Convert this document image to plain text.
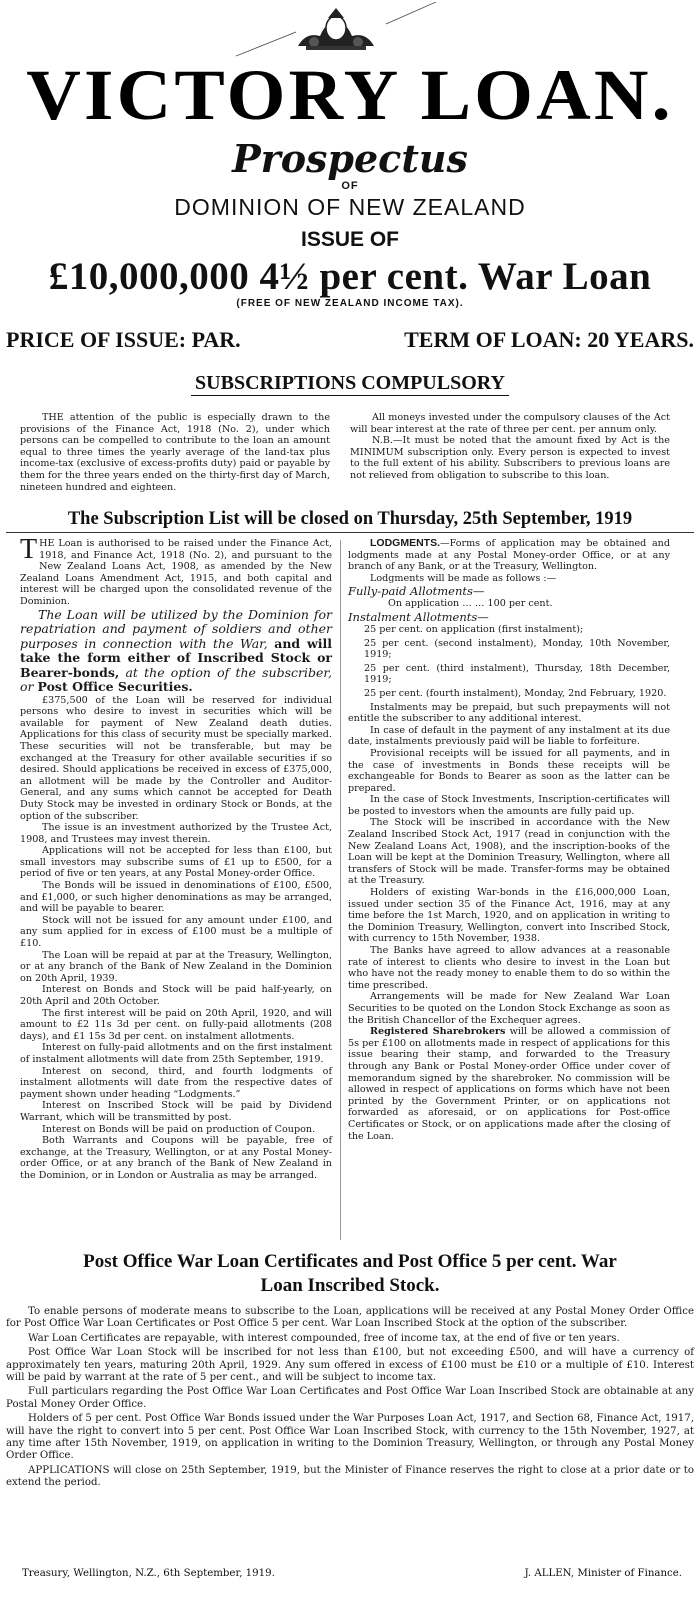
VICTORY LOAN.
Prospectus
OF
DOMINION OF NEW ZEALAND
ISSUE OF
£10,000,000 4½ per cent. War Loan
(FREE OF NEW ZEALAND INCOME TAX).
PRICE OF ISSUE: PAR.	TERM OF LOAN: 20 YEARS.
SUBSCRIPTIONS COMPULSORY

THE attention of the public is especially drawn to the provisions of the Finance Act, 1918 (No. 2), under which persons can be compelled to contribute to the loan an amount equal to three times the yearly average of the land-tax plus income-tax (exclusive of excess-profits duty) paid or payable by them for the three years ended on the thirty-first day of March, nineteen hundred and eighteen.

All moneys invested under the compulsory clauses of the Act will bear interest at the rate of three per cent. per annum only.

N.B.—It must be noted that the amount fixed by Act is the MINIMUM subscription only. Every person is expected to invest to the full extent of his ability. Subscribers to previous loans are not relieved from obligation to subscribe to this loan.

The Subscription List will be closed on Thursday, 25th September, 1919

THE Loan is authorised to be raised under the Finance Act, 1918, and Finance Act, 1918 (No. 2), and pursuant to the New Zealand Loans Act, 1908, as amended by the New Zealand Loans Amendment Act, 1915, and both capital and interest will be charged upon the consolidated revenue of the Dominion.

The Loan will be utilized by the Dominion for repatriation and payment of soldiers and other purposes in connection with the War, and will take the form either of Inscribed Stock or Bearer-bonds, at the option of the subscriber, or Post Office Securities.

£375,500 of the Loan will be reserved for individual persons who desire to invest in securities which will be available for payment of New Zealand death duties. Applications for this class of security must be specially marked. These securities will not be transferable, but may be exchanged at the Treasury for other available securities if so desired. Should applications be received in excess of £375,000, an allotment will be made by the Controller and Auditor-General, and any sums which cannot be accepted for Death Duty Stock may be invested in ordinary Stock or Bonds, at the option of the subscriber.

The issue is an investment authorized by the Trustee Act, 1908, and Trustees may invest therein.

Applications will not be accepted for less than £100, but small investors may subscribe sums of £1 up to £500, for a period of five or ten years, at any Postal Money-order Office.

The Bonds will be issued in denominations of £100, £500, and £1,000, or such higher denominations as may be arranged, and will be payable to bearer.

Stock will not be issued for any amount under £100, and any sum applied for in excess of £100 must be a multiple of £10.

The Loan will be repaid at par at the Treasury, Wellington, or at any branch of the Bank of New Zealand in the Dominion on 20th April, 1939.

Interest on Bonds and Stock will be paid half-yearly, on 20th April and 20th October.

The first interest will be paid on 20th April, 1920, and will amount to £2 11s 3d per cent. on fully-paid allotments (208 days), and £1 15s 3d per cent. on instalment allotments.

Interest on fully-paid allotments and on the first instalment of instalment allotments will date from 25th September, 1919.

Interest on second, third, and fourth lodgments of instalment allotments will date from the respective dates of payment shown under heading “Lodgments.”

Interest on Inscribed Stock will be paid by Dividend Warrant, which will be transmitted by post.

Interest on Bonds will be paid on production of Coupon.

Both Warrants and Coupons will be payable, free of exchange, at the Treasury, Wellington, or at any Postal Money-order Office, or at any branch of the Bank of New Zealand in the Dominion, or in London or Australia as may be arranged.

LODGMENTS.—Forms of application may be obtained and lodgments made at any Postal Money-order Office, or at any branch of any Bank, or at the Treasury, Wellington.

Lodgments will be made as follows :—

Fully-paid Allotments—

On application … … 100 per cent.

Instalment Allotments—

25 per cent. on application (first instalment);

25 per cent. (second instalment), Monday, 10th November, 1919;

25 per cent. (third instalment), Thursday, 18th December, 1919;

25 per cent. (fourth instalment), Monday, 2nd February, 1920.

Instalments may be prepaid, but such prepayments will not entitle the subscriber to any additional interest.

In case of default in the payment of any instalment at its due date, instalments previously paid will be liable to forfeiture.

Provisional receipts will be issued for all payments, and in the case of investments in Bonds these receipts will be exchangeable for Bonds to Bearer as soon as the latter can be prepared.

In the case of Stock Investments, Inscription-certificates will be posted to investors when the amounts are fully paid up.

The Stock will be inscribed in accordance with the New Zealand Inscribed Stock Act, 1917 (read in conjunction with the New Zealand Loans Act, 1908), and the inscription-books of the Loan will be kept at the Dominion Treasury, Wellington, where all transfers of Stock will be made. Transfer-forms may be obtained at the Treasury.

Holders of existing War-bonds in the £16,000,000 Loan, issued under section 35 of the Finance Act, 1916, may at any time before the 1st March, 1920, and on application in writing to the Dominion Treasury, Wellington, convert into Inscribed Stock, with currency to 15th November, 1938.

The Banks have agreed to allow advances at a reasonable rate of interest to clients who desire to invest in the Loan but who have not the ready money to enable them to do so within the time prescribed.

Arrangements will be made for New Zealand War Loan Securities to be quoted on the London Stock Exchange as soon as the British Chancellor of the Exchequer agrees.

Registered Sharebrokers will be allowed a commission of 5s per £100 on allotments made in respect of applications for this issue bearing their stamp, and forwarded to the Treasury through any Bank or Postal Money-order Office under cover of memorandum signed by the sharebroker. No commission will be allowed in respect of applications on forms which have not been printed by the Government Printer, or on applications not forwarded as aforesaid, or on applications for Post-office Certificates or Stock, or on applications made after the closing of the Loan.

Post Office War Loan Certificates and Post Office 5 per cent. War
Loan Inscribed Stock.

To enable persons of moderate means to subscribe to the Loan, applications will be received at any Postal Money Order Office for Post Office War Loan Certificates or Post Office 5 per cent. War Loan Inscribed Stock at the option of the subscriber.

War Loan Certificates are repayable, with interest compounded, free of income tax, at the end of five or ten years.

Post Office War Loan Stock will be inscribed for not less than £100, but not exceeding £500, and will have a currency of approximately ten years, maturing 20th April, 1929. Any sum offered in excess of £100 must be £10 or a multiple of £10. Interest will be paid by warrant at the rate of 5 per cent., and will be subject to income tax.

Full particulars regarding the Post Office War Loan Certificates and Post Office War Loan Inscribed Stock are obtainable at any Postal Money Order Office.

Holders of 5 per cent. Post Office War Bonds issued under the War Purposes Loan Act, 1917, and Section 68, Finance Act, 1917, will have the right to convert into 5 per cent. Post Office War Loan Inscribed Stock, with currency to the 15th November, 1927, at any time after 15th November, 1919, on application in writing to the Dominion Treasury, Wellington, or through any Postal Money Order Office.

APPLICATIONS will close on 25th September, 1919, but the Minister of Finance reserves the right to close at a prior date or to extend the period.

Treasury, Wellington, N.Z., 6th September, 1919.	J. ALLEN, Minister of Finance.
